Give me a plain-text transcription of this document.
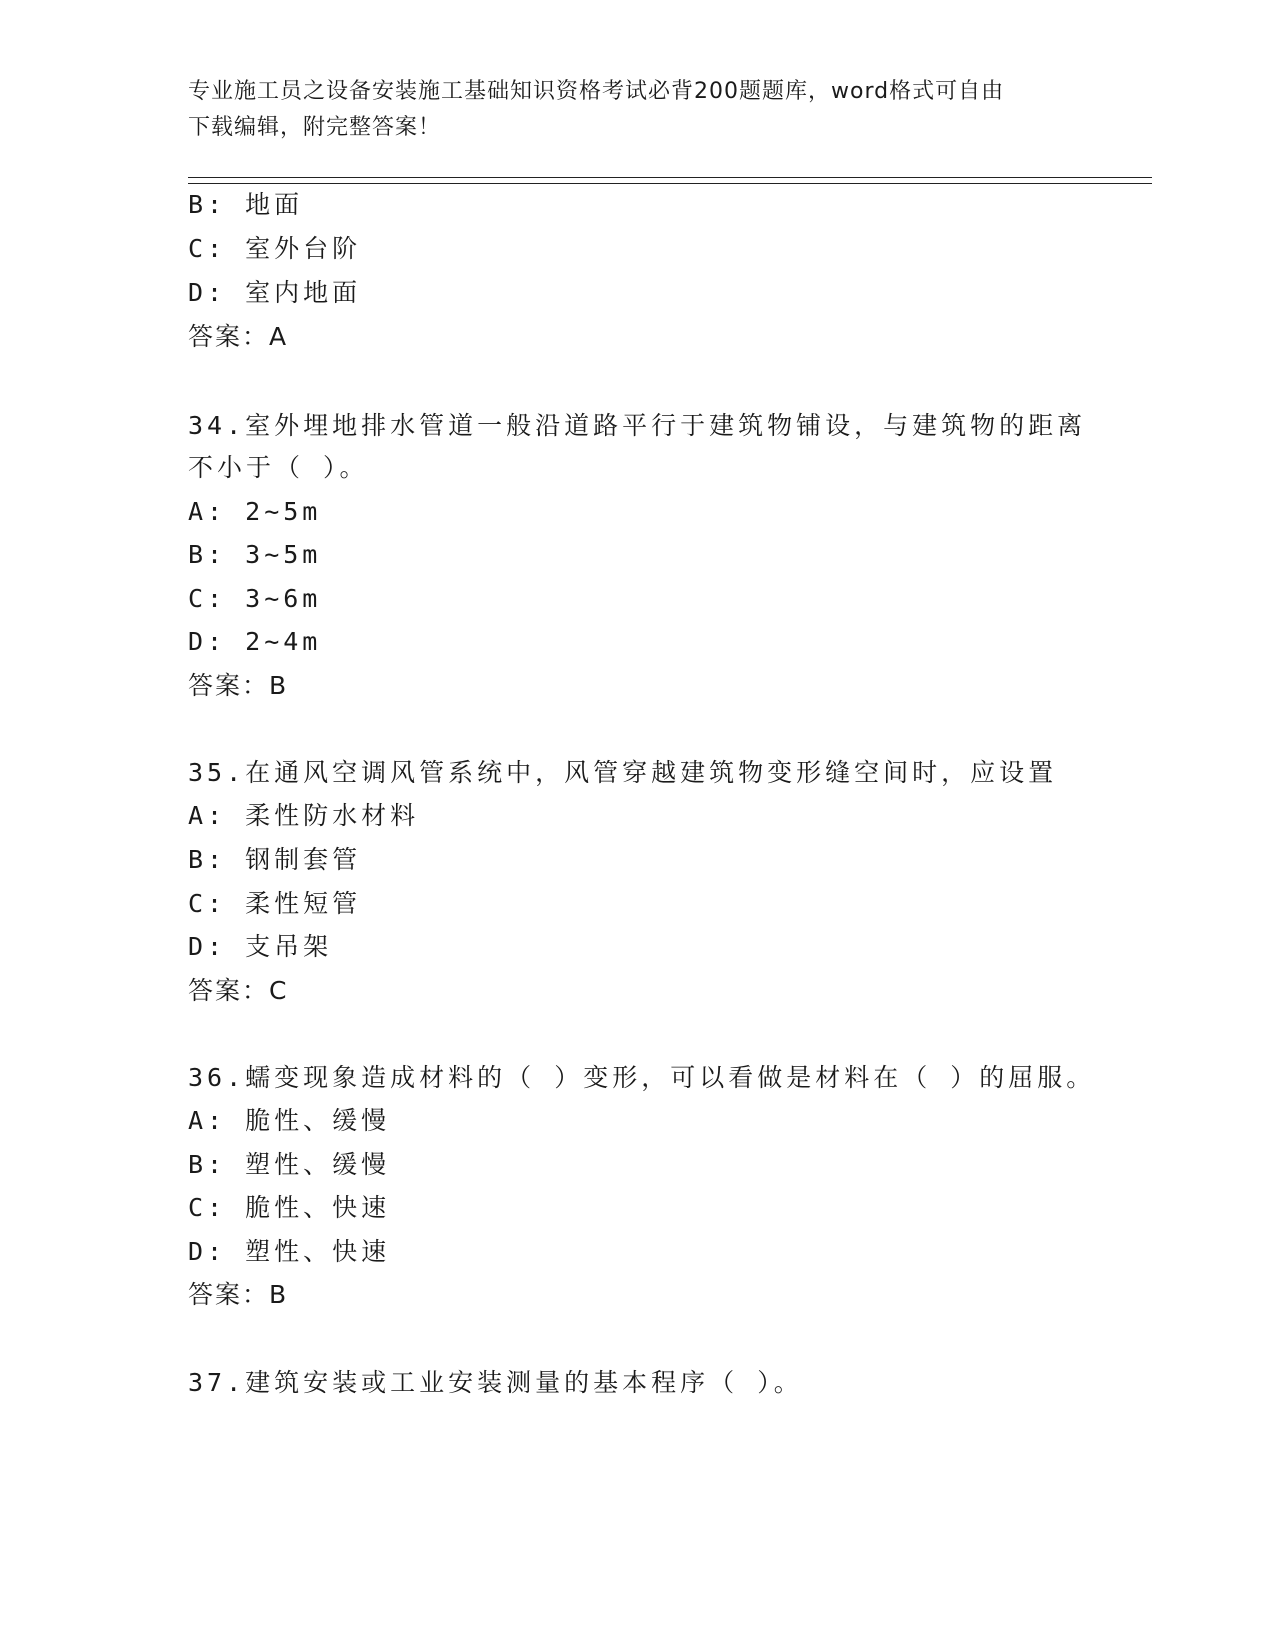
专业施工员之设备安装施工基础知识资格考试必背200题题库，word格式可自由
下载编辑，附完整答案！
B: 地面
C: 室外台阶
D: 室内地面
答案：A
34.室外埋地排水管道一般沿道路平行于建筑物铺设，与建筑物的距离
不小于（ ）。
A: 2~5m
B: 3~5m
C: 3~6m
D: 2~4m
答案：B
35.在通风空调风管系统中，风管穿越建筑物变形缝空间时，应设置
A: 柔性防水材料
B: 钢制套管
C: 柔性短管
D: 支吊架
答案：C
36.蠕变现象造成材料的（ ）变形，可以看做是材料在（ ）的屈服。
A: 脆性、缓慢
B: 塑性、缓慢
C: 脆性、快速
D: 塑性、快速
答案：B
37.建筑安装或工业安装测量的基本程序（ ）。
